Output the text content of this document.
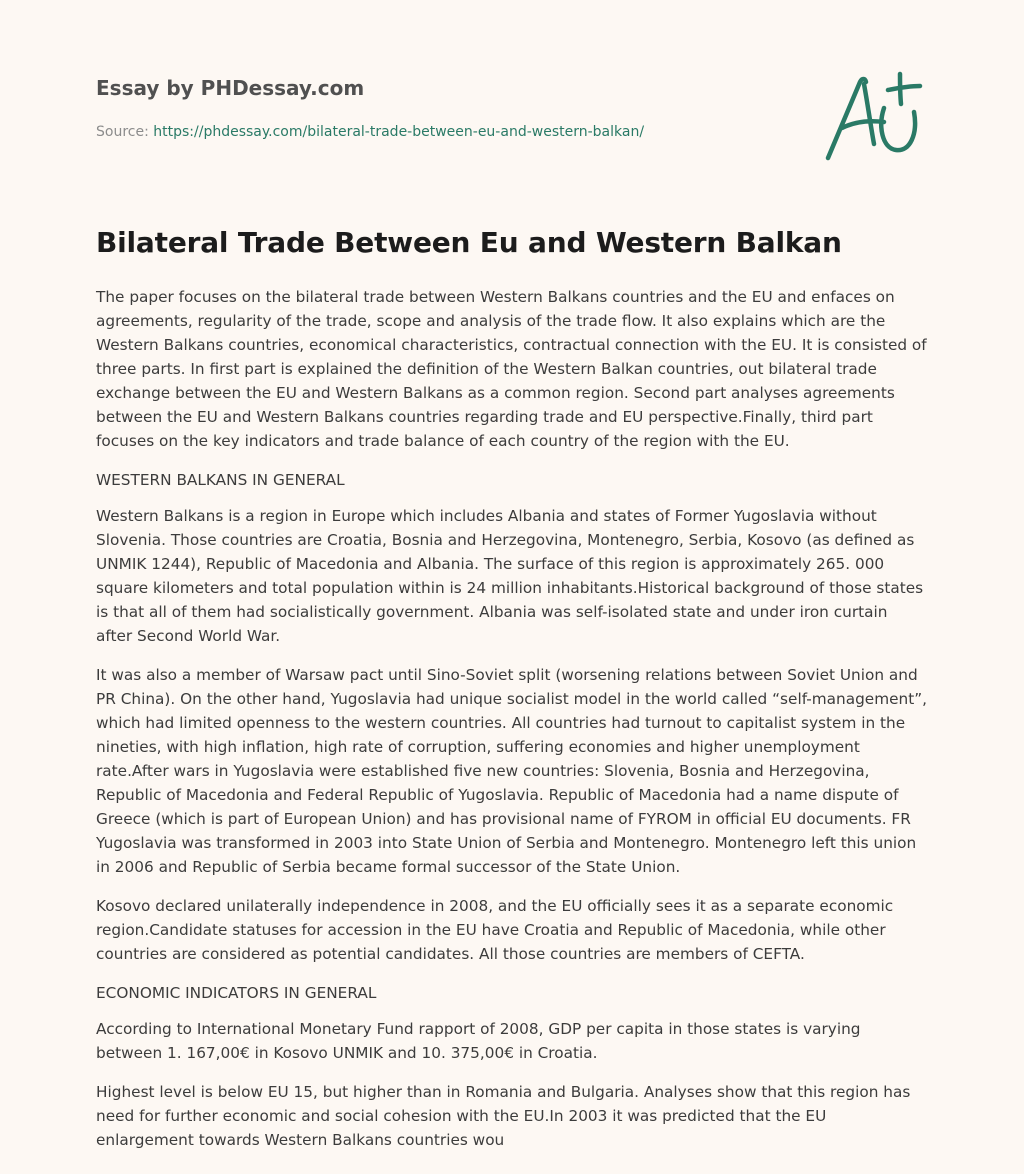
Essay by PHDessay.com
Source: https://phdessay.com/bilateral-trade-between-eu-and-western-balkan/
Bilateral Trade Between Eu and Western Balkan

The paper focuses on the bilateral trade between Western Balkans countries and the EU and enfaces on agreements, regularity of the trade, scope and analysis of the trade flow. It also explains which are the Western Balkans countries, economical characteristics, contractual connection with the EU. It is consisted of three parts. In first part is explained the definition of the Western Balkan countries, out bilateral trade exchange between the EU and Western Balkans as a common region. Second part analyses agreements between the EU and Western Balkans countries regarding trade and EU perspective.Finally, third part focuses on the key indicators and trade balance of each country of the region with the EU.

WESTERN BALKANS IN GENERAL

Western Balkans is a region in Europe which includes Albania and states of Former Yugoslavia without Slovenia. Those countries are Croatia, Bosnia and Herzegovina, Montenegro, Serbia, Kosovo (as defined as UNMIK 1244), Republic of Macedonia and Albania. The surface of this region is approximately 265. 000 square kilometers and total population within is 24 million inhabitants.Historical background of those states is that all of them had socialistically government. Albania was self-isolated state and under iron curtain after Second World War.

It was also a member of Warsaw pact until Sino-Soviet split (worsening relations between Soviet Union and PR China). On the other hand, Yugoslavia had unique socialist model in the world called “self-management”, which had limited openness to the western countries. All countries had turnout to capitalist system in the nineties, with high inflation, high rate of corruption, suffering economies and higher unemployment rate.After wars in Yugoslavia were established five new countries: Slovenia, Bosnia and Herzegovina, Republic of Macedonia and Federal Republic of Yugoslavia. Republic of Macedonia had a name dispute of Greece (which is part of European Union) and has provisional name of FYROM in official EU documents. FR Yugoslavia was transformed in 2003 into State Union of Serbia and Montenegro. Montenegro left this union in 2006 and Republic of Serbia became formal successor of the State Union.

Kosovo declared unilaterally independence in 2008, and the EU officially sees it as a separate economic region.Candidate statuses for accession in the EU have Croatia and Republic of Macedonia, while other countries are considered as potential candidates. All those countries are members of CEFTA.

ECONOMIC INDICATORS IN GENERAL

According to International Monetary Fund rapport of 2008, GDP per capita in those states is varying between 1. 167,00€ in Kosovo UNMIK and 10. 375,00€ in Croatia.

Highest level is below EU 15, but higher than in Romania and Bulgaria. Analyses show that this region has need for further economic and social cohesion with the EU.In 2003 it was predicted that the EU enlargement towards Western Balkans countries wou
